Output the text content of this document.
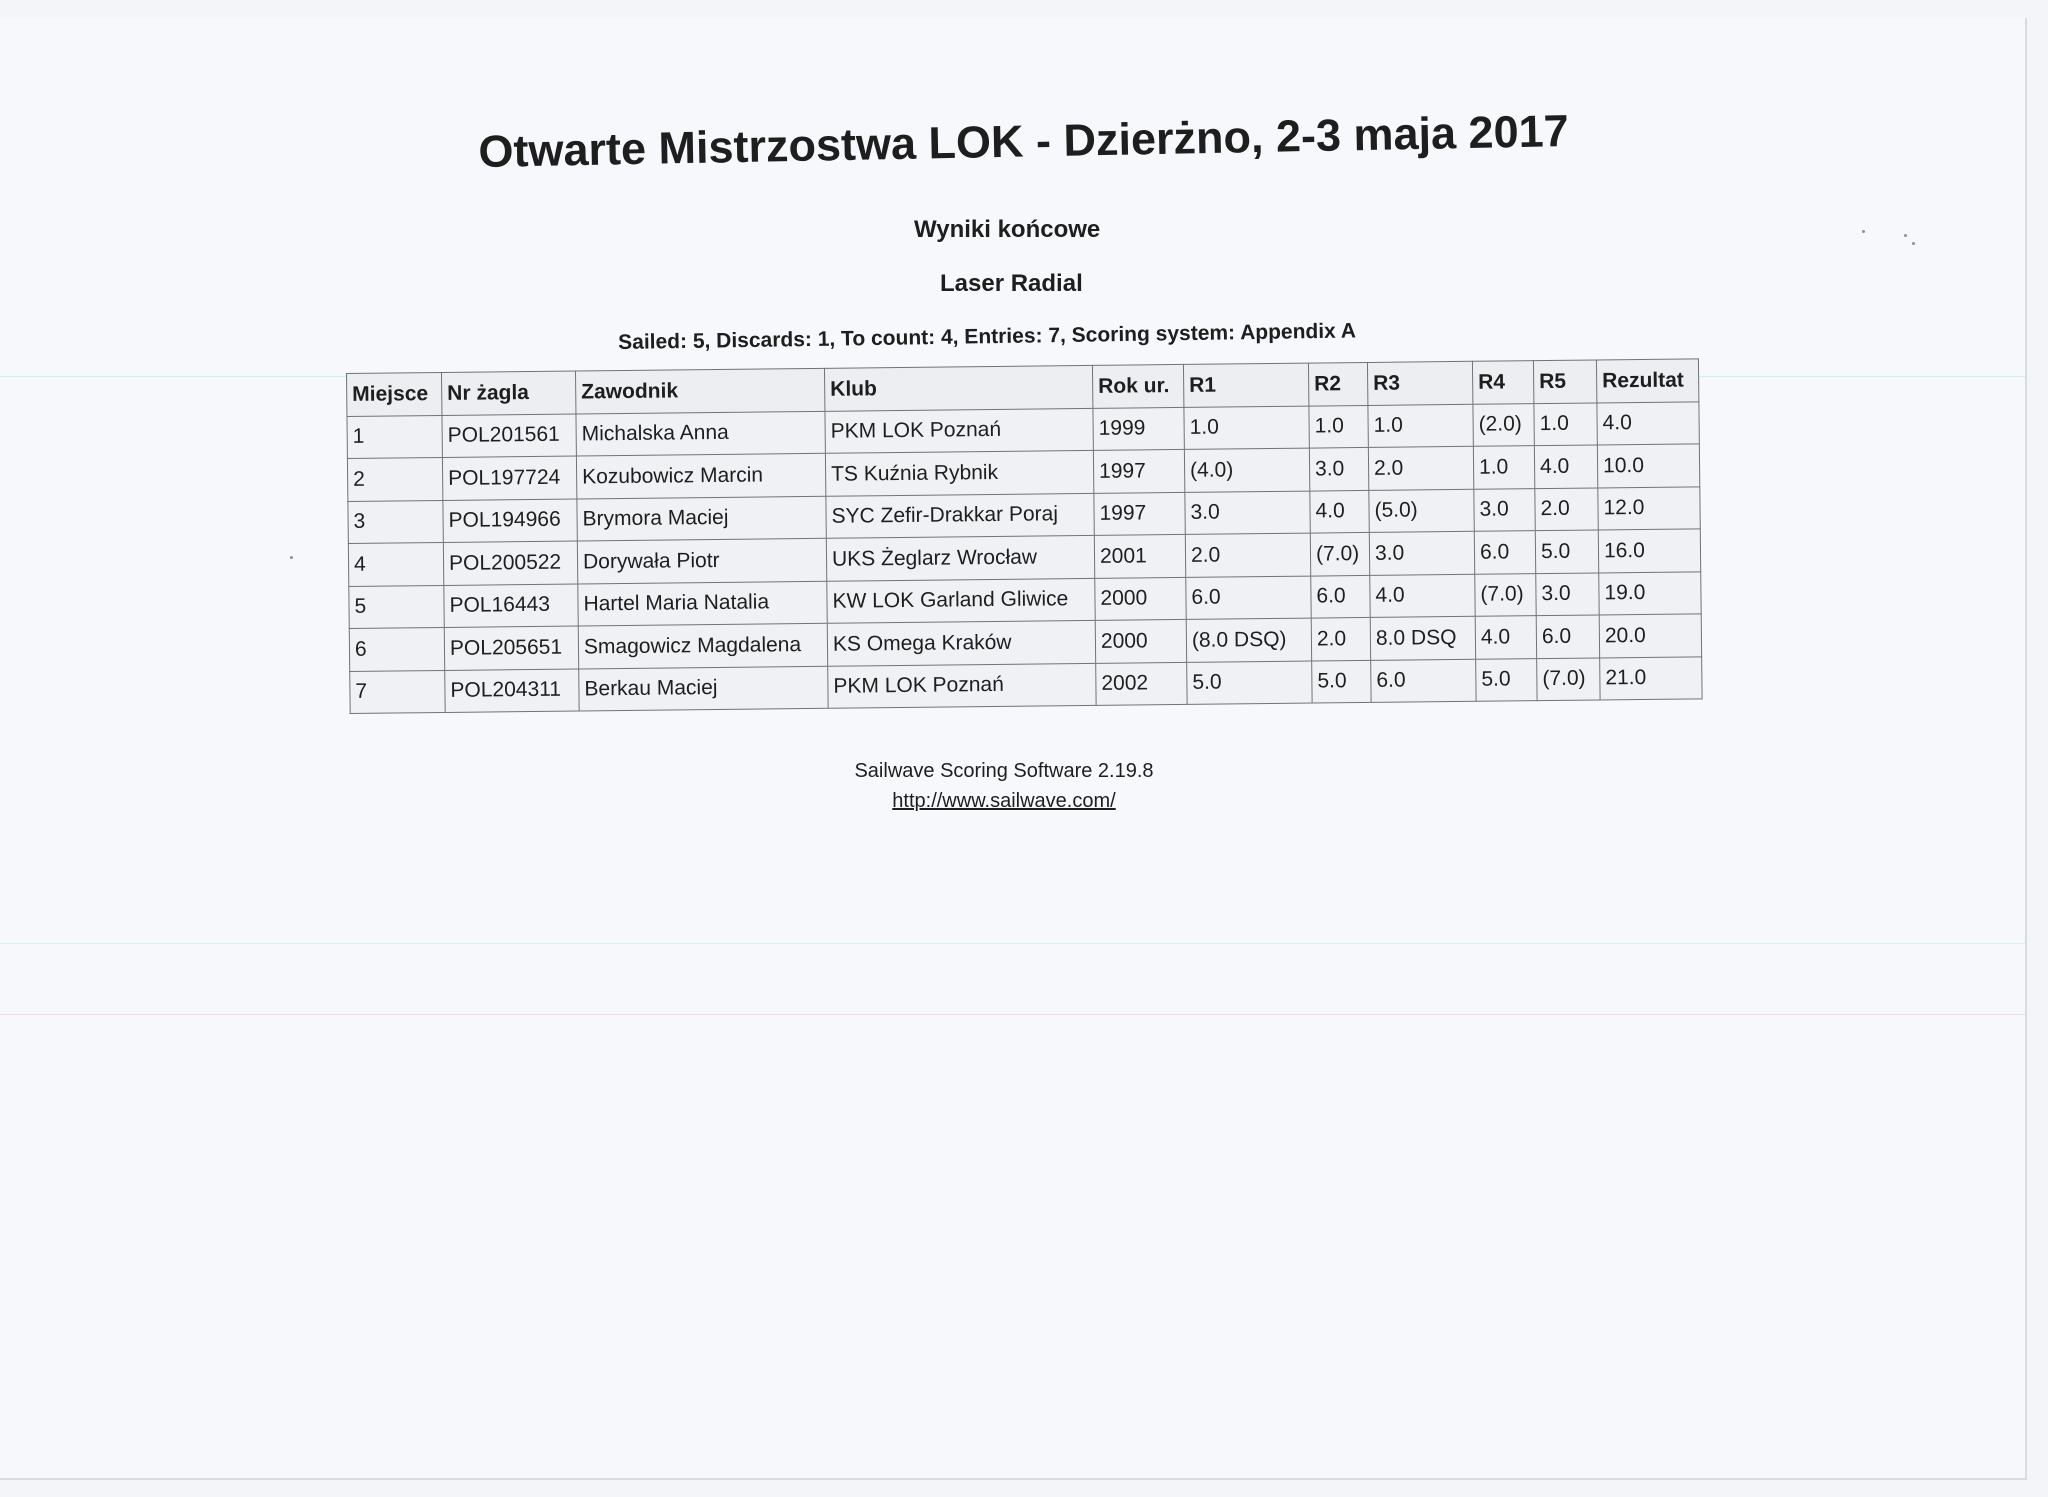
Otwarte Mistrzostwa LOK - Dzierżno, 2-3 maja 2017
Wyniki końcowe
Laser Radial
Sailed: 5, Discards: 1, To count: 4, Entries: 7, Scoring system: Appendix A
Miejsce	Nr żagla	Zawodnik	Klub	Rok ur.	R1	R2	R3	R4	R5	Rezultat
1	POL201561	Michalska Anna	PKM LOK Poznań	1999	1.0	1.0	1.0	(2.0)	1.0	4.0
2	POL197724	Kozubowicz Marcin	TS Kuźnia Rybnik	1997	(4.0)	3.0	2.0	1.0	4.0	10.0
3	POL194966	Brymora Maciej	SYC Zefir-Drakkar Poraj	1997	3.0	4.0	(5.0)	3.0	2.0	12.0
4	POL200522	Dorywała Piotr	UKS Żeglarz Wrocław	2001	2.0	(7.0)	3.0	6.0	5.0	16.0
5	POL16443	Hartel Maria Natalia	KW LOK Garland Gliwice	2000	6.0	6.0	4.0	(7.0)	3.0	19.0
6	POL205651	Smagowicz Magdalena	KS Omega Kraków	2000	(8.0 DSQ)	2.0	8.0 DSQ	4.0	6.0	20.0
7	POL204311	Berkau Maciej	PKM LOK Poznań	2002	5.0	5.0	6.0	5.0	(7.0)	21.0
Sailwave Scoring Software 2.19.8
http://www.sailwave.com/
